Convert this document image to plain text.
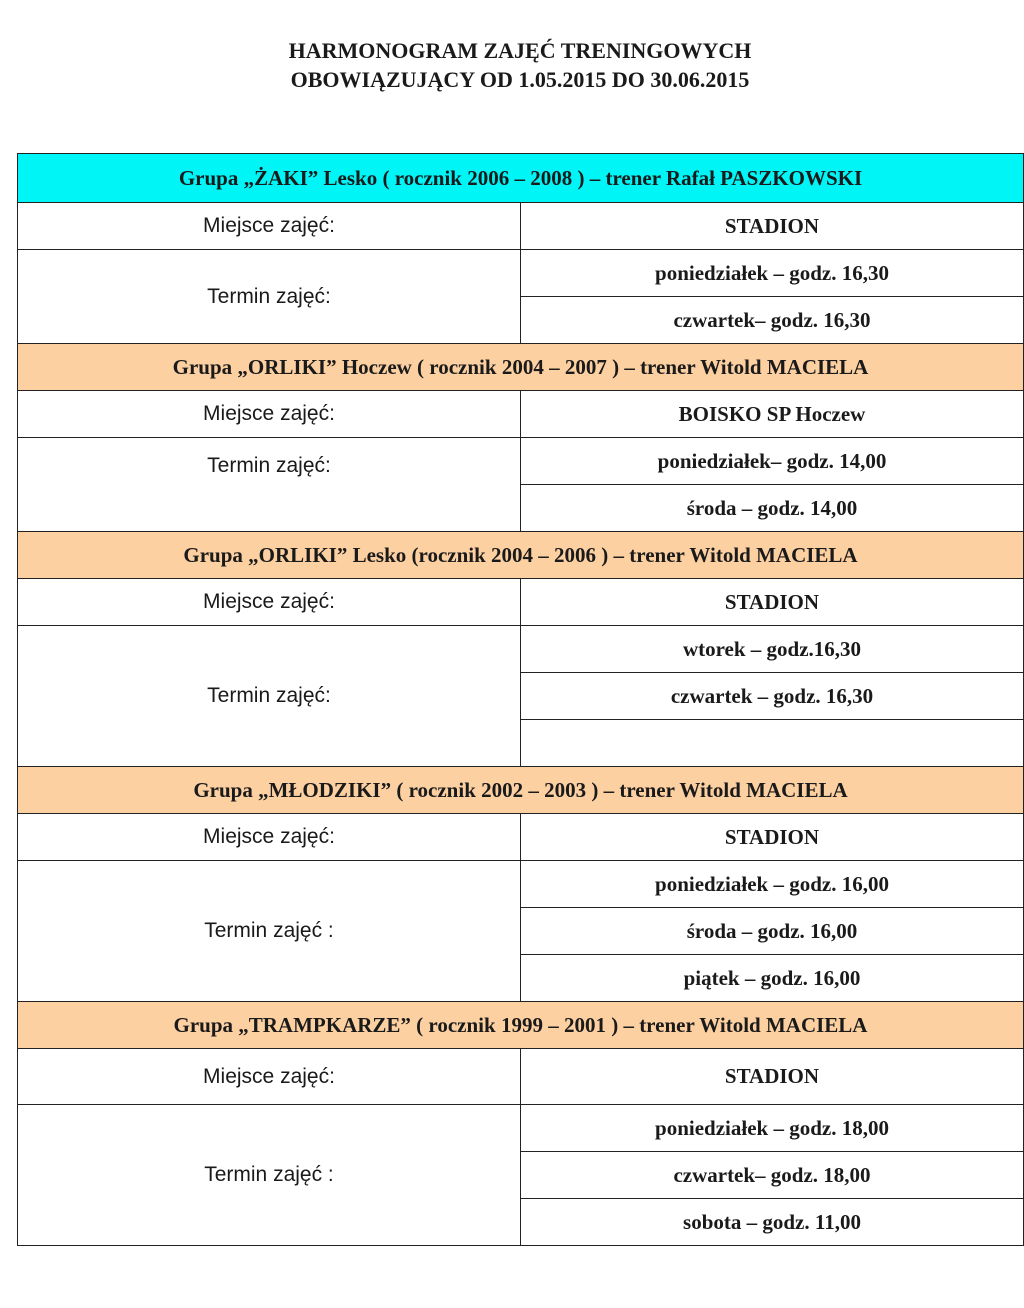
HARMONOGRAM ZAJĘĆ TRENINGOWYCH
OBOWIĄZUJĄCY OD 1.05.2015 DO 30.06.2015
Grupa „ŻAKI” Lesko ( rocznik 2006 – 2008 ) – trener Rafał PASZKOWSKI	
Miejsce zajęć:	STADION
Termin zajęć:	poniedziałek – godz. 16,30
	czwartek– godz. 16,30
Grupa „ORLIKI” Hoczew ( rocznik 2004 – 2007 ) – trener Witold MACIELA	
Miejsce zajęć:	BOISKO SP Hoczew
Termin zajęć:	poniedziałek– godz. 14,00
	środa – godz. 14,00
Grupa „ORLIKI” Lesko (rocznik 2004 – 2006 ) – trener Witold MACIELA	
Miejsce zajęć:	STADION
Termin zajęć:	wtorek – godz.16,30
	czwartek – godz. 16,30

Grupa „MŁODZIKI” ( rocznik 2002 – 2003 ) – trener Witold MACIELA	
Miejsce zajęć:	STADION
Termin zajęć :	poniedziałek – godz. 16,00
	środa – godz. 16,00
	piątek – godz. 16,00
Grupa „TRAMPKARZE” ( rocznik 1999 – 2001 ) – trener Witold MACIELA	
Miejsce zajęć:	STADION
Termin zajęć :	poniedziałek – godz. 18,00
	czwartek– godz. 18,00
	sobota – godz. 11,00
